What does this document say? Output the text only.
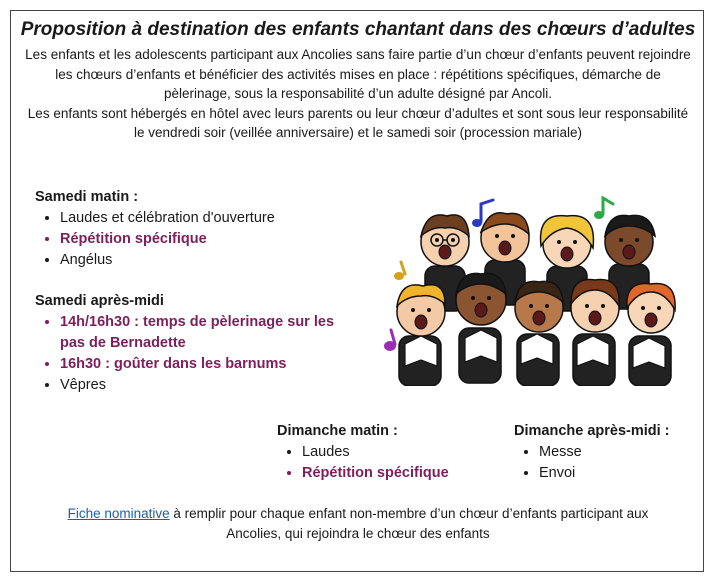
Proposition à destination des enfants chantant dans des chœurs d’adultes

Les enfants et les adolescents participant aux Ancolies sans faire partie d’un chœur d’enfants peuvent rejoindre les chœurs d’enfants et bénéficier des activités mises en place : répétitions spécifiques, démarche de pèlerinage, sous la responsabilité d’un adulte désigné par Ancoli.

Les enfants sont hébergés en hôtel avec leurs parents ou leur chœur d’adultes et sont sous leur responsabilité le vendredi soir (veillée anniversaire) et le samedi soir (procession mariale)

Samedi matin :
• Laudes et célébration d'ouverture
• Répétition spécifique
• Angélus
Samedi après-midi
• 14h/16h30 : temps de pèlerinage sur les pas de Bernadette
• 16h30 : goûter dans les barnums
• Vêpres
Dimanche matin :
• Laudes
• Répétition spécifique
Dimanche après-midi :
• Messe
• Envoi
Fiche nominative à remplir pour chaque enfant non-membre d’un chœur d’enfants participant aux Ancolies, qui rejoindra le chœur des enfants
